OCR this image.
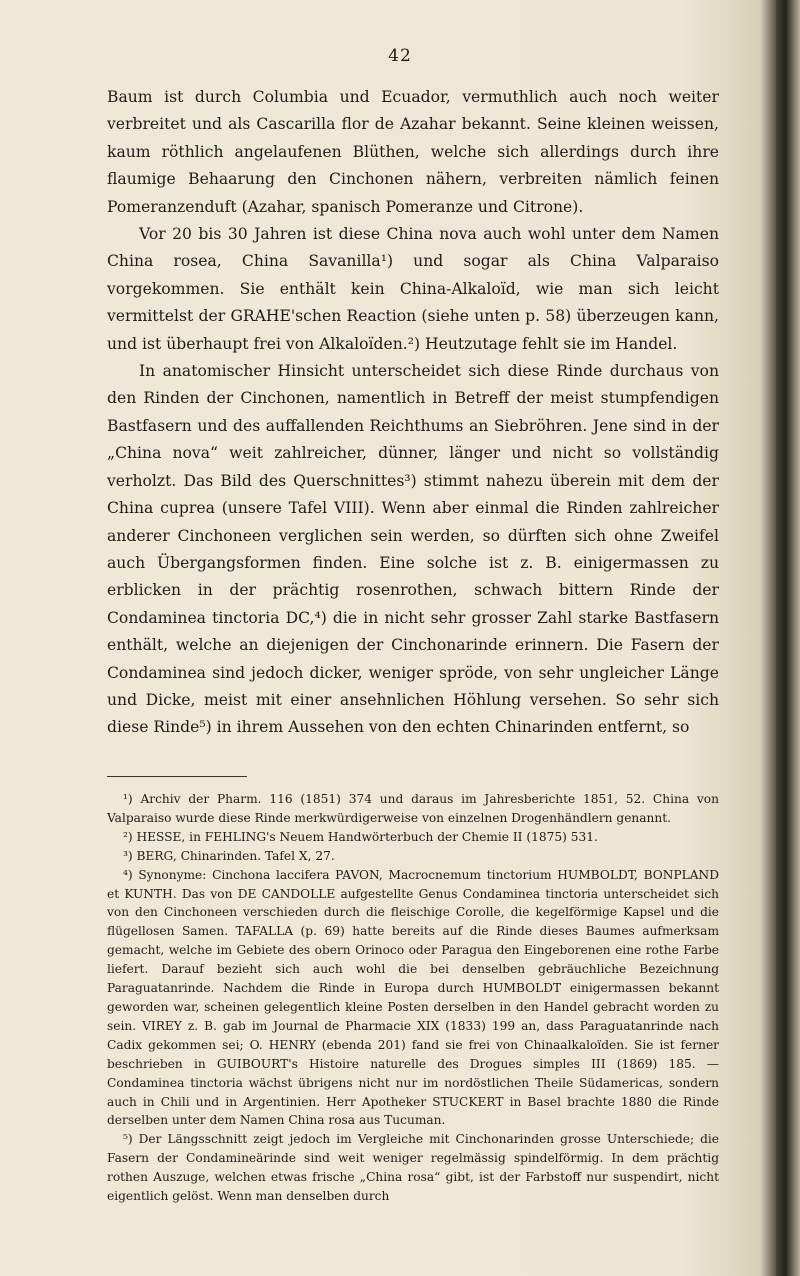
42

Baum ist durch Columbia und Ecuador, vermuthlich auch noch weiter verbreitet und als Cascarilla flor de Azahar bekannt. Seine kleinen weissen, kaum röthlich angelaufenen Blüthen, welche sich allerdings durch ihre flaumige Behaarung den Cinchonen nähern, verbreiten nämlich feinen Pomeranzenduft (Azahar, spanisch Pomeranze und Citrone).

Vor 20 bis 30 Jahren ist diese China nova auch wohl unter dem Namen China rosea, China Savanilla¹) und sogar als China Valparaiso vorgekommen. Sie enthält kein China-Alkaloïd, wie man sich leicht vermittelst der GRAHE'schen Reaction (siehe unten p. 58) überzeugen kann, und ist überhaupt frei von Alkaloïden.²) Heutzutage fehlt sie im Handel.

In anatomischer Hinsicht unterscheidet sich diese Rinde durchaus von den Rinden der Cinchonen, namentlich in Betreff der meist stumpfendigen Bastfasern und des auffallenden Reichthums an Siebröhren. Jene sind in der „China nova“ weit zahlreicher, dünner, länger und nicht so vollständig verholzt. Das Bild des Querschnittes³) stimmt nahezu überein mit dem der China cuprea (unsere Tafel VIII). Wenn aber einmal die Rinden zahlreicher anderer Cinchoneen verglichen sein werden, so dürften sich ohne Zweifel auch Übergangsformen finden. Eine solche ist z. B. einigermassen zu erblicken in der prächtig rosenrothen, schwach bittern Rinde der Condaminea tinctoria DC,⁴) die in nicht sehr grosser Zahl starke Bastfasern enthält, welche an diejenigen der Cinchonarinde erinnern. Die Fasern der Condaminea sind jedoch dicker, weniger spröde, von sehr ungleicher Länge und Dicke, meist mit einer ansehnlichen Höhlung versehen. So sehr sich diese Rinde⁵) in ihrem Aussehen von den echten Chinarinden entfernt, so

¹) Archiv der Pharm. 116 (1851) 374 und daraus im Jahresberichte 1851, 52. China von Valparaiso wurde diese Rinde merkwürdigerweise von einzelnen Drogenhändlern genannt.

²) HESSE, in FEHLING's Neuem Handwörterbuch der Chemie II (1875) 531.

³) BERG, Chinarinden. Tafel X, 27.

⁴) Synonyme: Cinchona laccifera PAVON, Macrocnemum tinctorium HUMBOLDT, BONPLAND et KUNTH. Das von DE CANDOLLE aufgestellte Genus Condaminea tinctoria unterscheidet sich von den Cinchoneen verschieden durch die fleischige Corolle, die kegelförmige Kapsel und die flügellosen Samen. TAFALLA (p. 69) hatte bereits auf die Rinde dieses Baumes aufmerksam gemacht, welche im Gebiete des obern Orinoco oder Paragua den Eingeborenen eine rothe Farbe liefert. Darauf bezieht sich auch wohl die bei denselben gebräuchliche Bezeichnung Paraguatanrinde. Nachdem die Rinde in Europa durch HUMBOLDT einigermassen bekannt geworden war, scheinen gelegentlich kleine Posten derselben in den Handel gebracht worden zu sein. VIREY z. B. gab im Journal de Pharmacie XIX (1833) 199 an, dass Paraguatanrinde nach Cadix gekommen sei; O. HENRY (ebenda 201) fand sie frei von Chinaalkaloïden. Sie ist ferner beschrieben in GUIBOURT's Histoire naturelle des Drogues simples III (1869) 185. — Condaminea tinctoria wächst übrigens nicht nur im nordöstlichen Theile Südamericas, sondern auch in Chili und in Argentinien. Herr Apotheker STUCKERT in Basel brachte 1880 die Rinde derselben unter dem Namen China rosa aus Tucuman.

⁵) Der Längsschnitt zeigt jedoch im Vergleiche mit Cinchonarinden grosse Unterschiede; die Fasern der Condamineärinde sind weit weniger regelmässig spindelförmig. In dem prächtig rothen Auszuge, welchen etwas frische „China rosa“ gibt, ist der Farbstoff nur suspendirt, nicht eigentlich gelöst. Wenn man denselben durch
